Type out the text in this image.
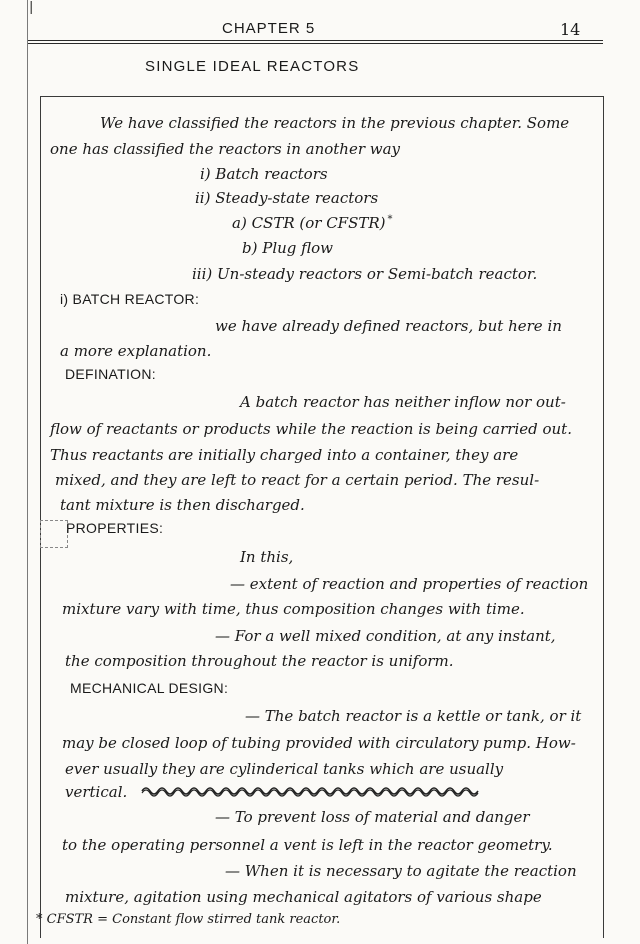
|
CHAPTER 5	14
SINGLE IDEAL REACTORS
We have classified the reactors in the previous chapter. Some
one has classified the reactors in another way
i) Batch reactors
ii) Steady-state reactors
a) CSTR (or CFSTR) *
b) Plug flow
iii) Un-steady reactors or Semi-batch reactor.
i) BATCH REACTOR:
we have already defined reactors, but here in
a more explanation.
DEFINATION:
A batch reactor has neither inflow nor out-
flow of reactants or products while the reaction is being carried out.
Thus reactants are initially charged into a container, they are
mixed, and they are left to react for a certain period. The resul-
tant mixture is then discharged.
PROPERTIES:
In this,
— extent of reaction and properties of reaction
mixture vary with time, thus composition changes with time.
— For a well mixed condition, at any instant,
the composition throughout the reactor is uniform.
MECHANICAL DESIGN:
— The batch reactor is a kettle or tank, or it
may be closed loop of tubing provided with circulatory pump. How-
ever usually they are cylinderical tanks which are usually
vertical.
— To prevent loss of material and danger
to the operating personnel a vent is left in the reactor geometry.
— When it is necessary to agitate the reaction
mixture, agitation using mechanical agitators of various shape
* CFSTR = Constant flow stirred tank reactor.
